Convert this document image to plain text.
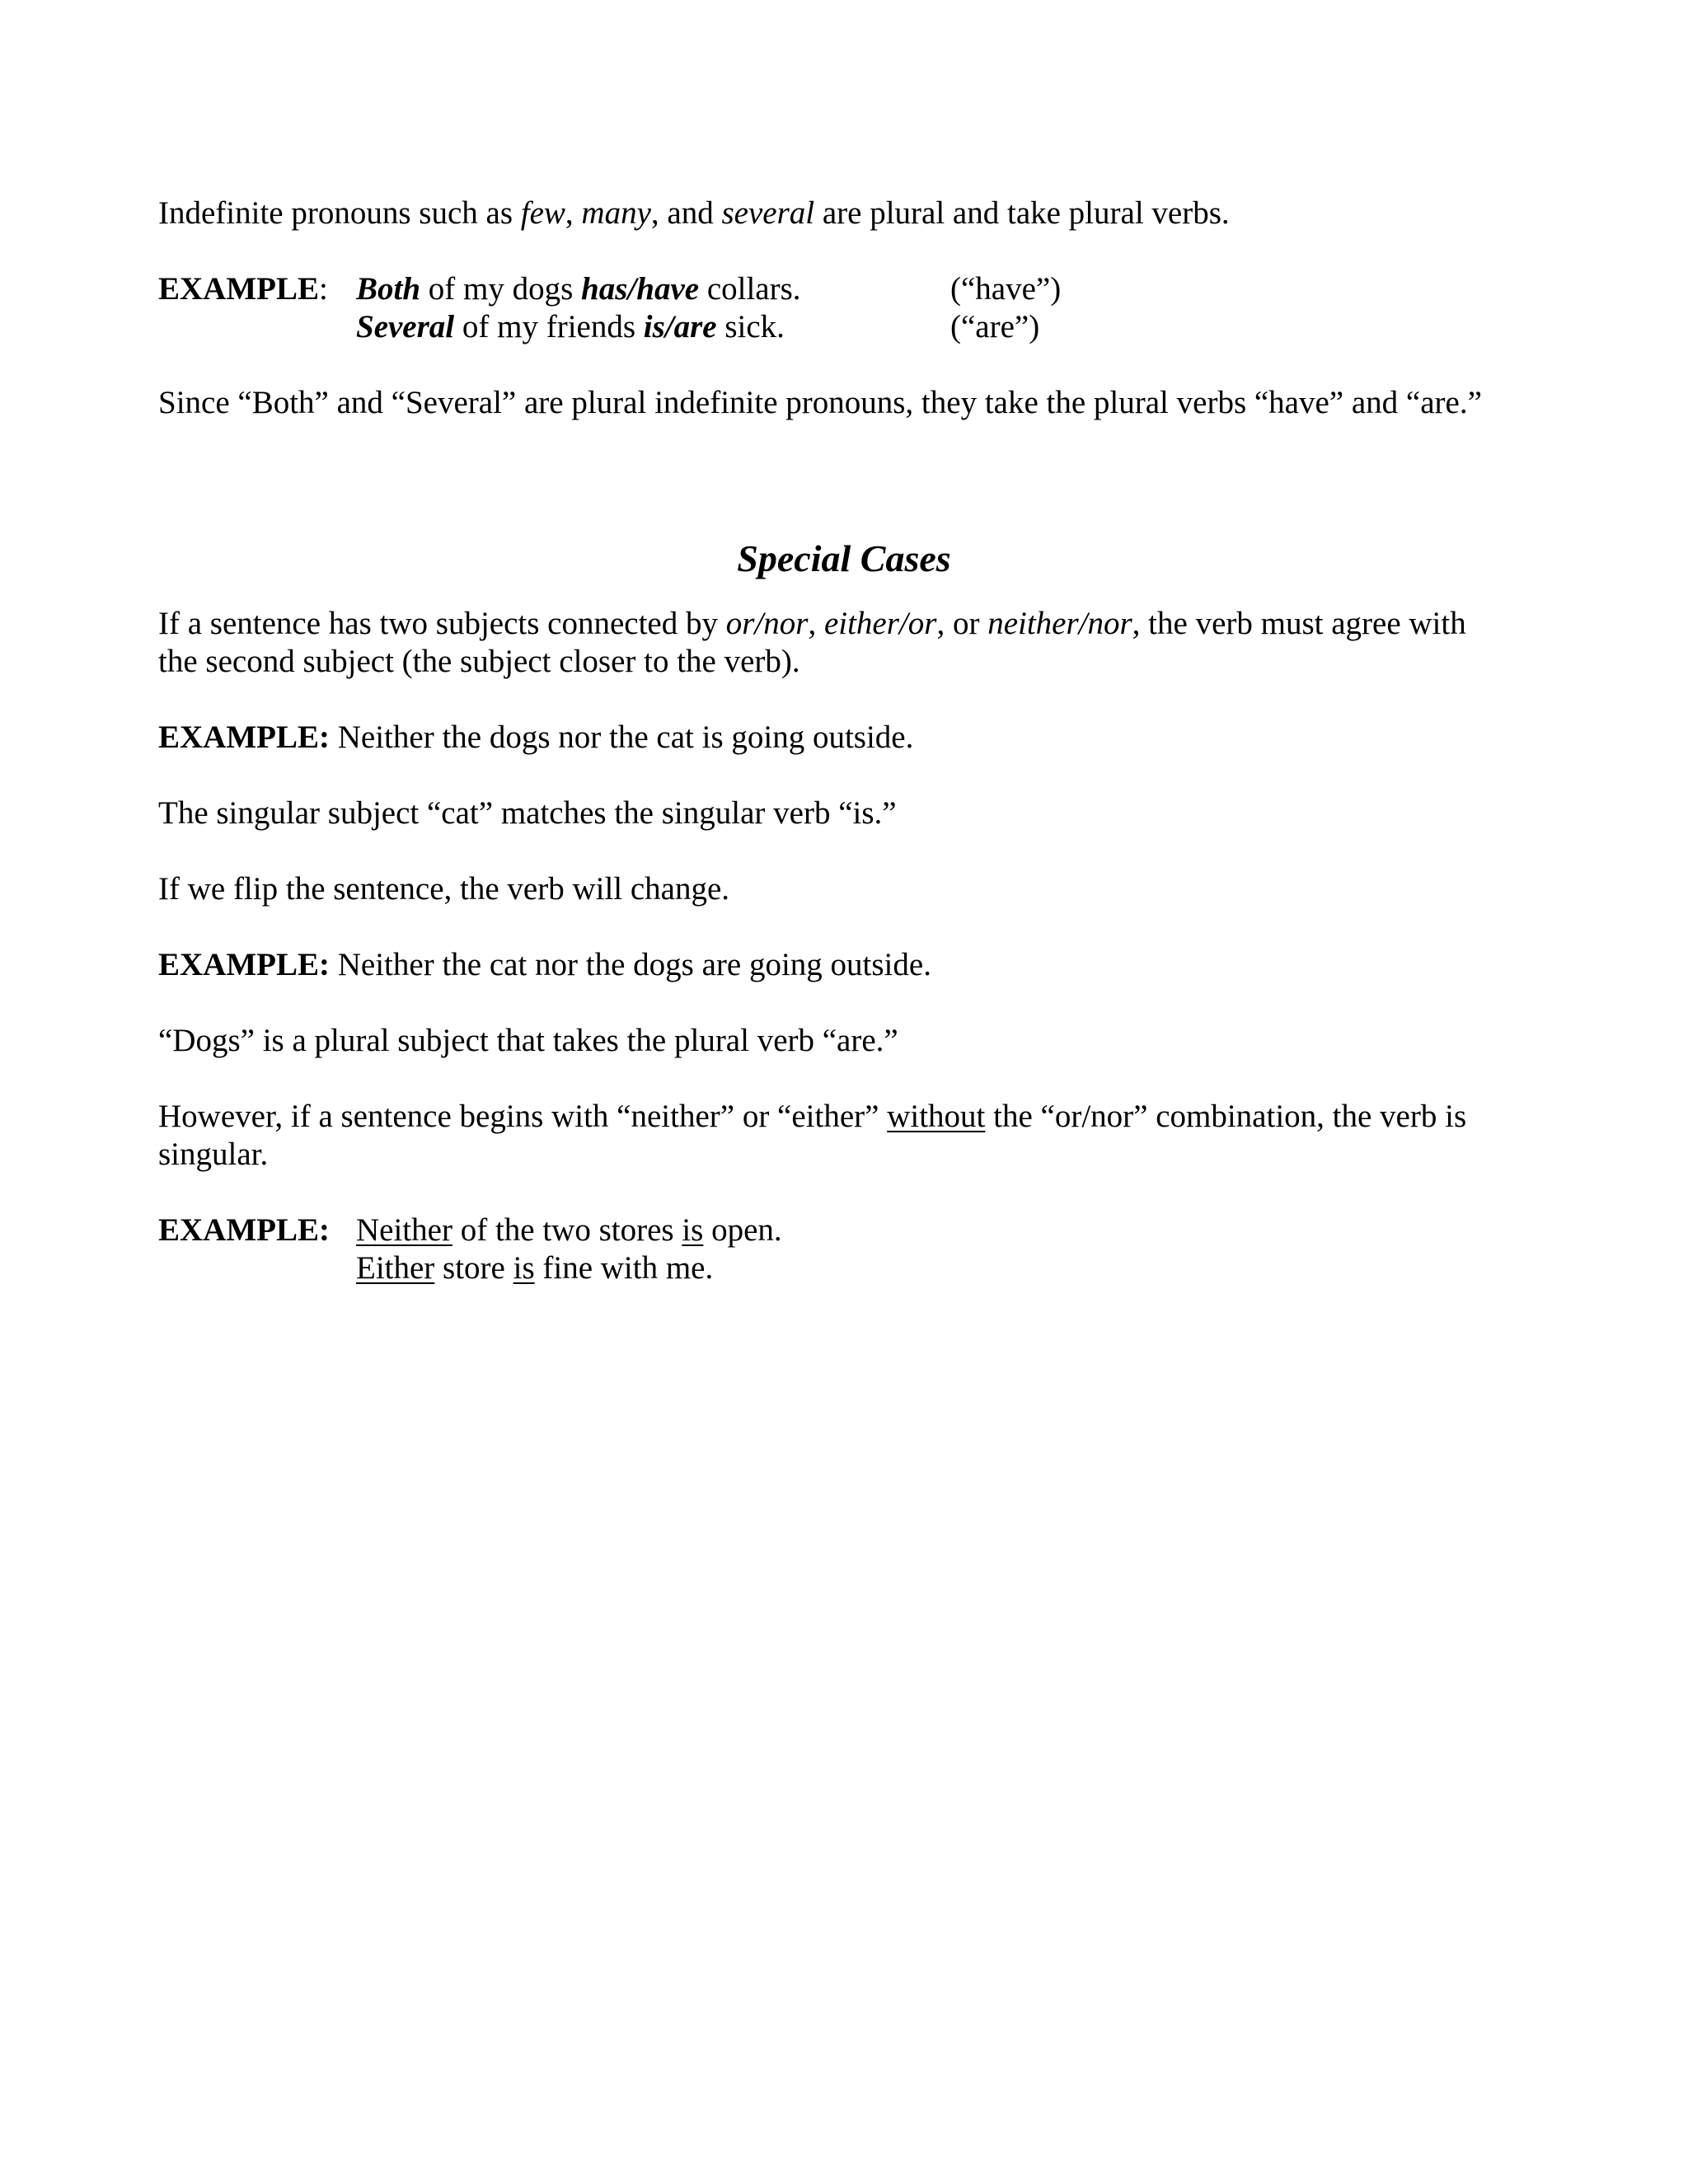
Indefinite pronouns such as few, many, and several are plural and take plural verbs.
EXAMPLE: Both of my dogs has/have collars.	(“have”)
Several of my friends is/are sick.	(“are”)
Since “Both” and “Several” are plural indefinite pronouns, they take the plural verbs “have” and “are.”
Special Cases
If a sentence has two subjects connected by or/nor, either/or, or neither/nor, the verb must agree with
the second subject (the subject closer to the verb).
EXAMPLE: Neither the dogs nor the cat is going outside.
The singular subject “cat” matches the singular verb “is.”
If we flip the sentence, the verb will change.
EXAMPLE: Neither the cat nor the dogs are going outside.
“Dogs” is a plural subject that takes the plural verb “are.”
However, if a sentence begins with “neither” or “either” without the “or/nor” combination, the verb is
singular.
EXAMPLE: Neither of the two stores is open.
Either store is fine with me.
